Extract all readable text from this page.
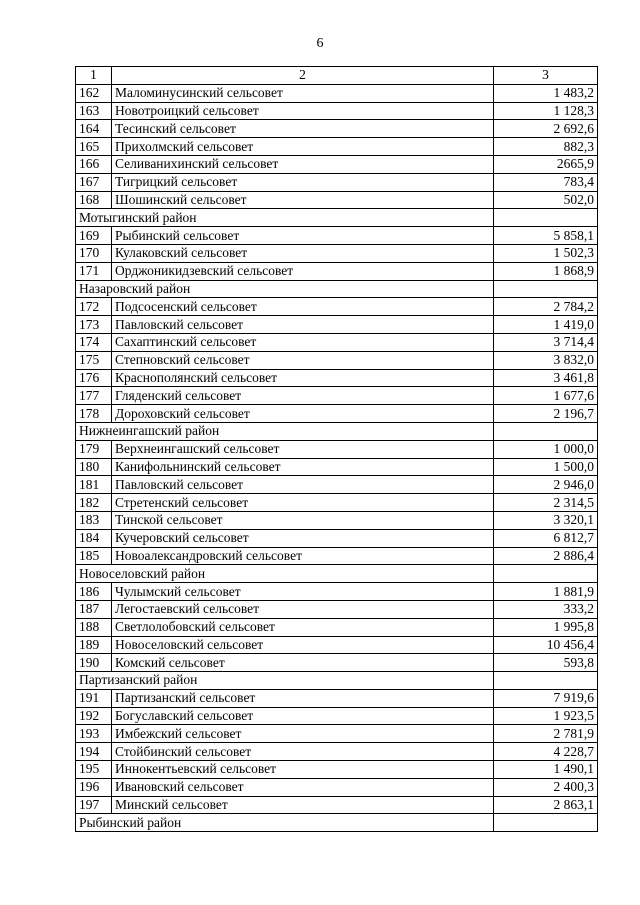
6
1	2	3
162	Маломинусинский сельсовет	1 483,2
163	Новотроицкий сельсовет	1 128,3
164	Тесинский сельсовет	2 692,6
165	Прихолмский сельсовет	882,3
166	Селиванихинский сельсовет	2665,9
167	Тигрицкий сельсовет	783,4
168	Шошинский сельсовет	502,0
Мотыгинский район		
169	Рыбинский сельсовет	5 858,1
170	Кулаковский сельсовет	1 502,3
171	Орджоникидзевский сельсовет	1 868,9
Назаровский район		
172	Подсосенский сельсовет	2 784,2
173	Павловский сельсовет	1 419,0
174	Сахаптинский сельсовет	3 714,4
175	Степновский сельсовет	3 832,0
176	Краснополянский сельсовет	3 461,8
177	Гляденский сельсовет	1 677,6
178	Дороховский сельсовет	2 196,7
Нижнеингашский район		
179	Верхнеингашский сельсовет	1 000,0
180	Канифольнинский сельсовет	1 500,0
181	Павловский сельсовет	2 946,0
182	Стретенский сельсовет	2 314,5
183	Тинской сельсовет	3 320,1
184	Кучеровский сельсовет	6 812,7
185	Новоалександровский сельсовет	2 886,4
Новоселовский район		
186	Чулымский сельсовет	1 881,9
187	Легостаевский сельсовет	333,2
188	Светлолобовский сельсовет	1 995,8
189	Новоселовский сельсовет	10 456,4
190	Комский сельсовет	593,8
Партизанский район		
191	Партизанский сельсовет	7 919,6
192	Богуславский сельсовет	1 923,5
193	Имбежский сельсовет	2 781,9
194	Стойбинский сельсовет	4 228,7
195	Иннокентьевский сельсовет	1 490,1
196	Ивановский сельсовет	2 400,3
197	Минский сельсовет	2 863,1
Рыбинский район		
